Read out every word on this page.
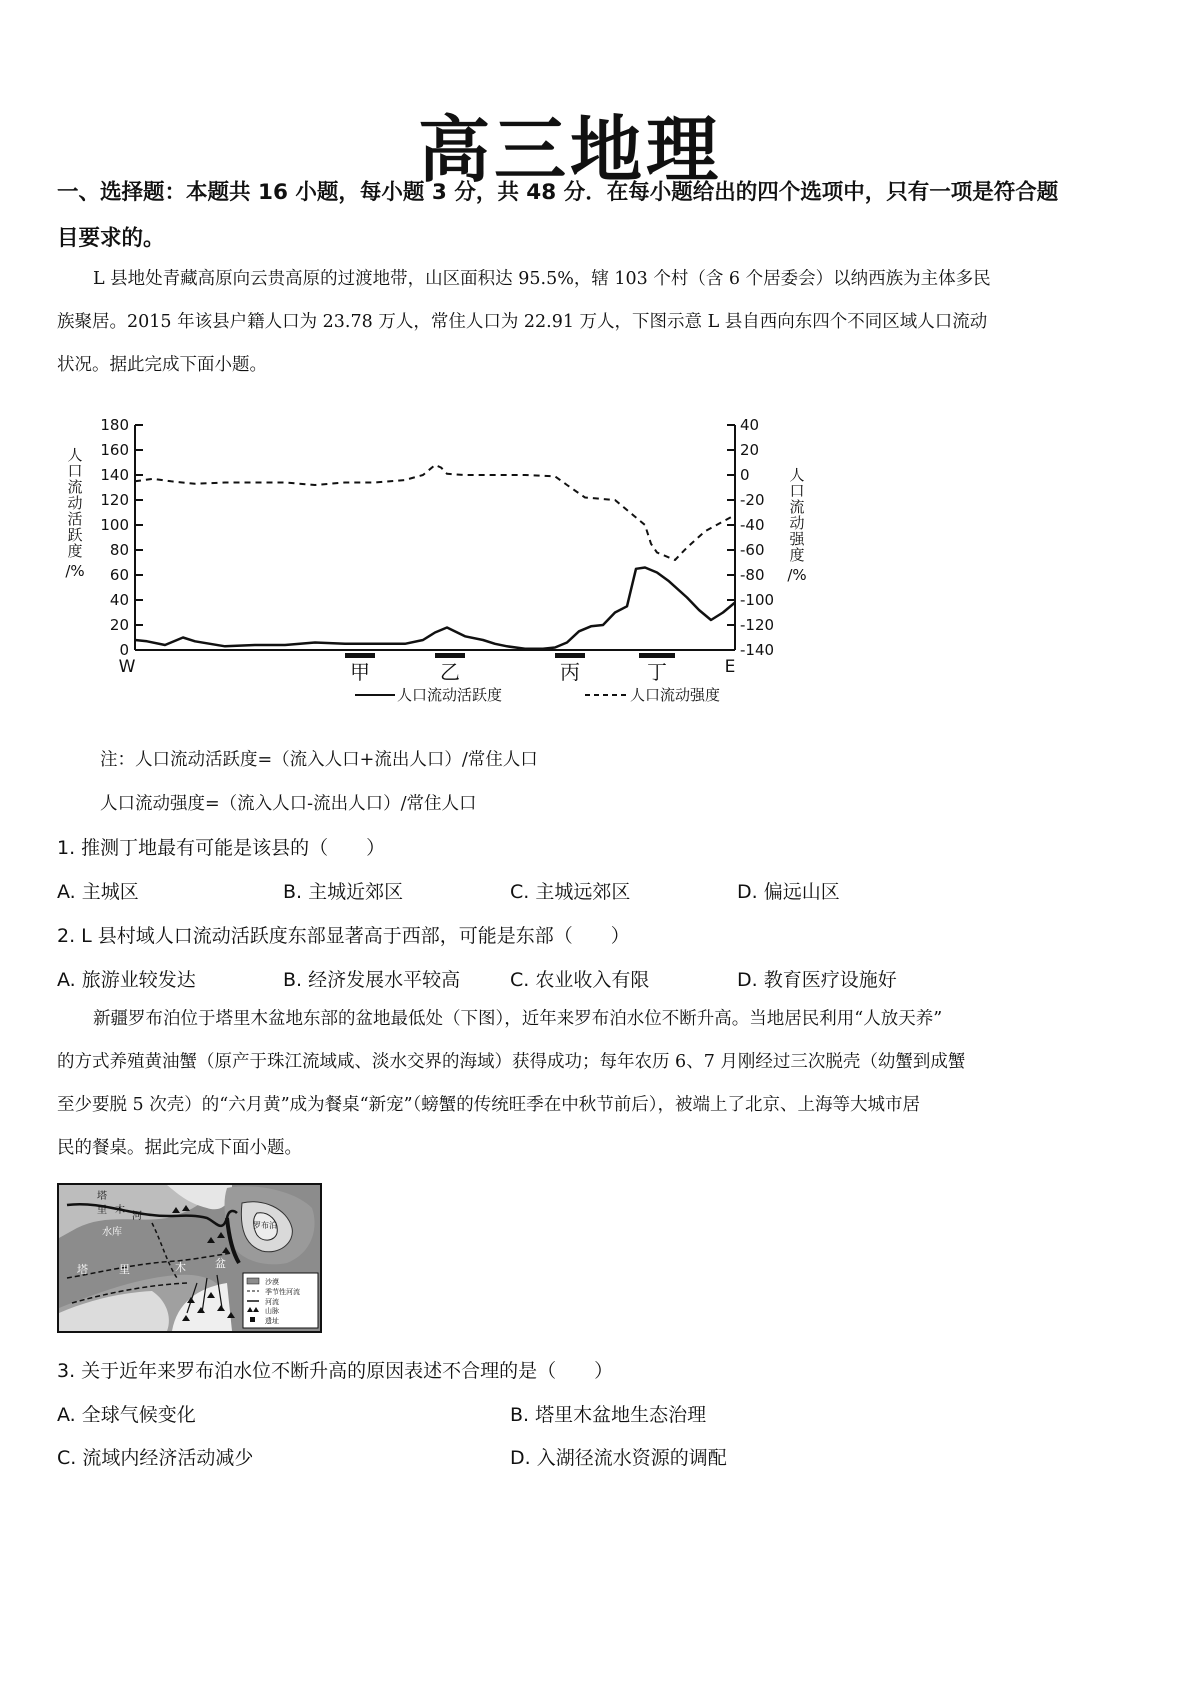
高三地理
一、选择题：本题共 16 小题，每小题 3 分，共 48 分．在每小题给出的四个选项中，只有一项是符合题
目要求的。
L 县地处青藏高原向云贵高原的过渡地带，山区面积达 95.5%，辖 103 个村（含 6 个居委会）以纳西族为主体多民
族聚居。2015 年该县户籍人口为 23.78 万人，常住人口为 22.91 万人，下图示意 L 县自西向东四个不同区域人口流动
状况。据此完成下面小题。
0
20
40
60
80
100
120
140
160
180	40
20
0
-20
-40
-60
-80
-100
-120
-140
人
口
流
动
活
跃
度
/%
人
口
流
动
强
度
/%
W	E
甲	乙	丙	丁
人口流动活跃度	人口流动强度
注：人口流动活跃度=（流入人口+流出人口）/常住人口
人口流动强度=（流入人口-流出人口）/常住人口
1. 推测丁地最有可能是该县的（　　）
A. 主城区	B. 主城近郊区	C. 主城远郊区	D. 偏远山区
2. L 县村域人口流动活跃度东部显著高于西部，可能是东部（　　）
A. 旅游业较发达	B. 经济发展水平较高	C. 农业收入有限	D. 教育医疗设施好
新疆罗布泊位于塔里木盆地东部的盆地最低处（下图），近年来罗布泊水位不断升高。当地居民利用“人放天养”
的方式养殖黄油蟹（原产于珠江流域咸、淡水交界的海域）获得成功；每年农历 6、7 月刚经过三次脱壳（幼蟹到成蟹
至少要脱 5 次壳）的“六月黄”成为餐桌“新宠”（螃蟹的传统旺季在中秋节前后），被端上了北京、上海等大城市居
民的餐桌。据此完成下面小题。
塔
里 木
河
水库
塔	里	木	盆
罗布泊
沙漠
季节性河流
河流
山脉
遗址
3. 关于近年来罗布泊水位不断升高的原因表述不合理的是（　　）
A. 全球气候变化	B. 塔里木盆地生态治理
C. 流域内经济活动减少	D. 入湖径流水资源的调配
